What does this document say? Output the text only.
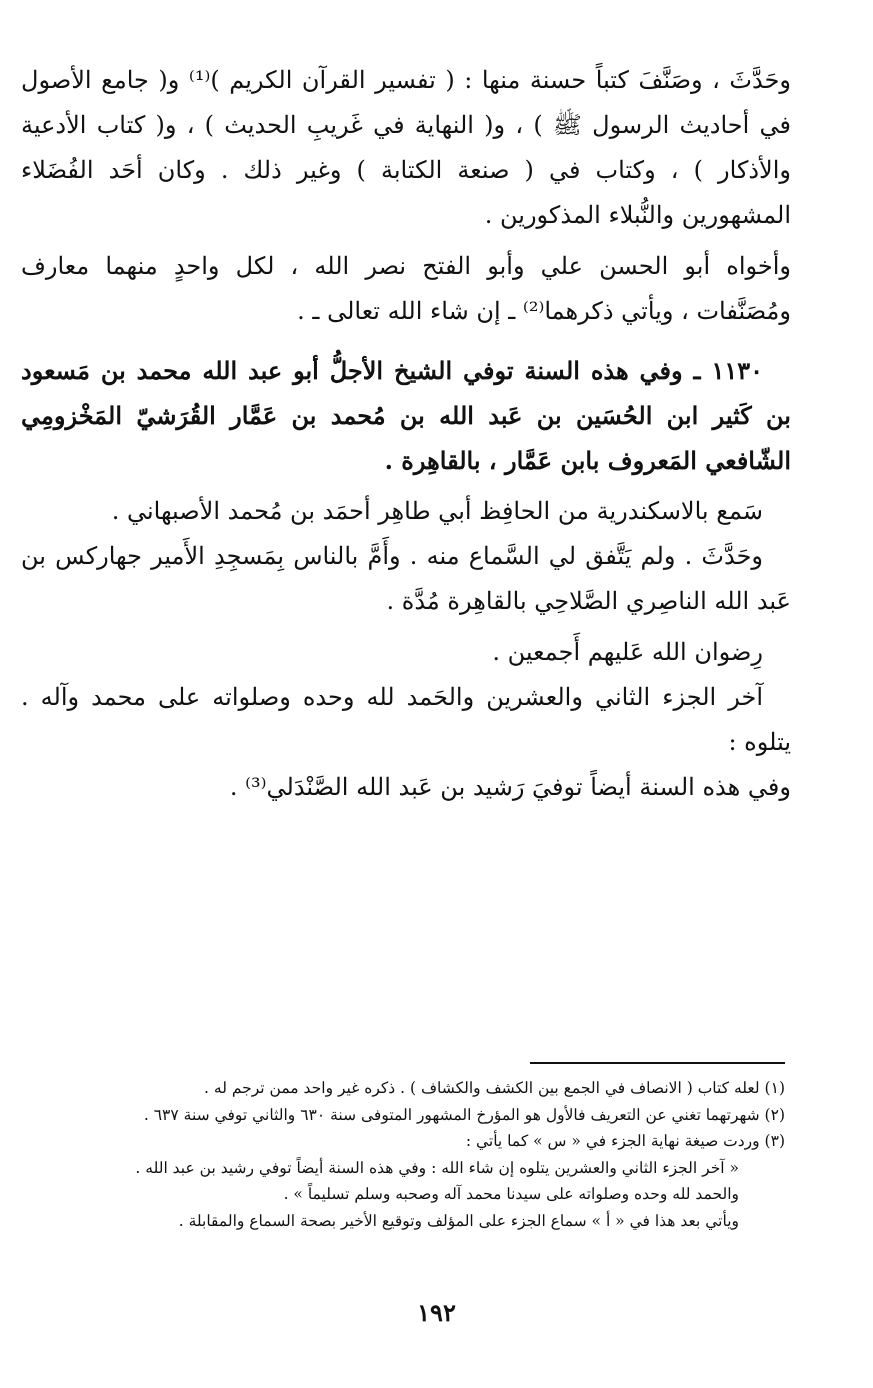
وحَدَّثَ ، وصَنَّفَ كتباً حسنة منها : ( تفسير القرآن الكريم )⁽¹⁾ و( جامع الأصول في أحاديث الرسول ﷺ ) ، و( النهاية في غَريبِ الحديث ) ، و( كتاب الأدعية والأذكار ) ، وكتاب في ( صنعة الكتابة ) وغير ذلك . وكان أحَد الفُضَلاء المشهورين والنُّبلاء المذكورين .

وأخواه أبو الحسن علي وأبو الفتح نصر الله ، لكل واحدٍ منهما معارف ومُصَنَّفات ، ويأتي ذكرهما⁽²⁾ ـ إن شاء الله تعالى ـ .

١١٣٠ ـ وفي هذه السنة توفي الشيخ الأجلُّ أبو عبد الله محمد بن مَسعود بن كَثير ابن الحُسَين بن عَبد الله بن مُحمد بن عَمَّار القُرَشيّ المَخْزومِي الشّافعي المَعروف بابن عَمَّار ، بالقاهِرة .

سَمع بالاسكندرية من الحافِظ أبي طاهِر أحمَد بن مُحمد الأصبهاني .

وحَدَّثَ . ولم يَتَّفق لي السَّماع منه . وأَمَّ بالناس بِمَسجِدِ الأَمير جهاركس بن عَبد الله الناصِري الصَّلاحِي بالقاهِرة مُدَّة .

رِضوان الله عَليهم أَجمعين .

آخر الجزء الثاني والعشرين والحَمد لله وحده وصلواته على محمد وآله . يتلوه :

وفي هذه السنة أيضاً توفيَ رَشيد بن عَبد الله الصَّنْدَلي⁽³⁾ .

(١) لعله كتاب ( الانصاف في الجمع بين الكشف والكشاف ) . ذكره غير واحد ممن ترجم له .

(٢) شهرتهما تغني عن التعريف فالأول هو المؤرخ المشهور المتوفى سنة ٦٣٠ والثاني توفي سنة ٦٣٧ .

(٣) وردت صيغة نهاية الجزء في « س » كما يأتي :

« آخر الجزء الثاني والعشرين يتلوه إن شاء الله : وفي هذه السنة أيضاً توفي رشيد بن عبد الله .

والحمد لله وحده وصلواته على سيدنا محمد آله وصحبه وسلم تسليماً » .

ويأتي بعد هذا في « أ » سماع الجزء على المؤلف وتوقيع الأخير بصحة السماع والمقابلة .

١٩٢
